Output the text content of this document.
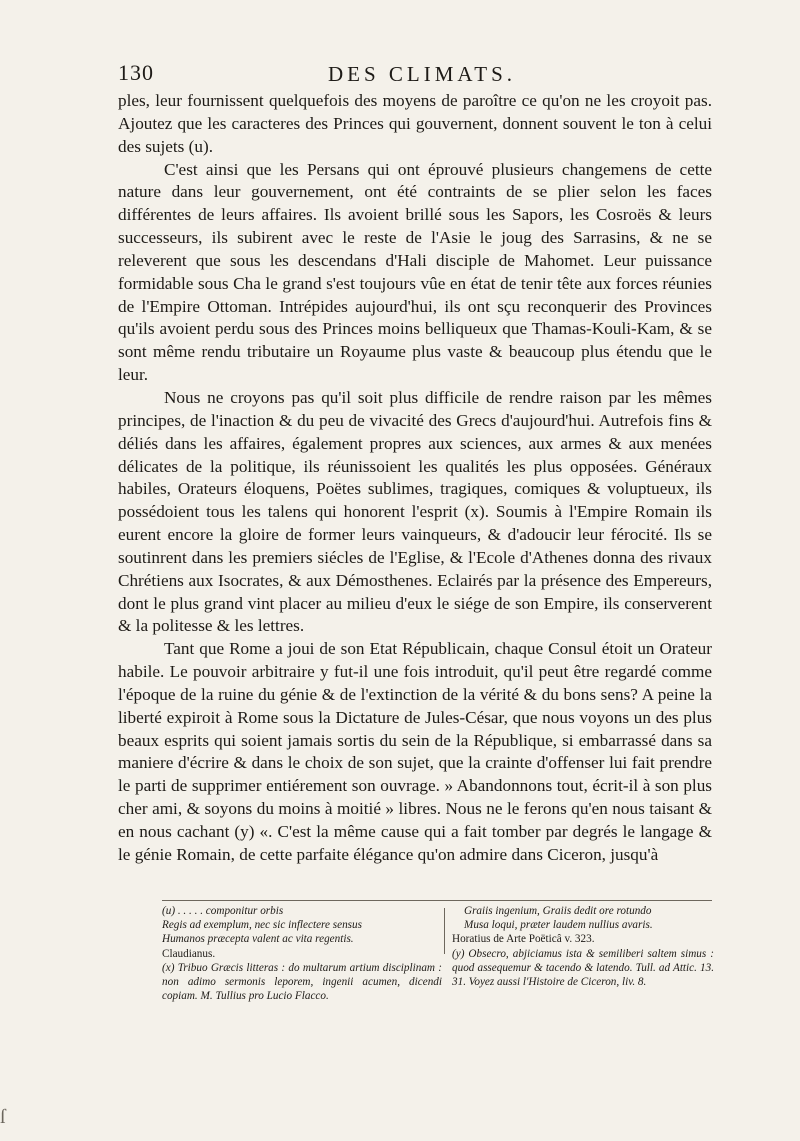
130	DES CLIMATS.

ples, leur fournissent quelquefois des moyens de paroître ce qu'on ne les croyoit pas. Ajoutez que les caracteres des Princes qui gouvernent, donnent souvent le ton à celui des sujets (u).

C'est ainsi que les Persans qui ont éprouvé plusieurs changemens de cette nature dans leur gouvernement, ont été contraints de se plier selon les faces différentes de leurs affaires. Ils avoient brillé sous les Sapors, les Cosroës & leurs successeurs, ils subirent avec le reste de l'Asie le joug des Sarrasins, & ne se releverent que sous les descendans d'Hali disciple de Mahomet. Leur puissance formidable sous Cha le grand s'est toujours vûe en état de tenir tête aux forces réunies de l'Empire Ottoman. Intrépides aujourd'hui, ils ont sçu reconquerir des Provinces qu'ils avoient perdu sous des Princes moins belliqueux que Thamas-Kouli-Kam, & se sont même rendu tributaire un Royaume plus vaste & beaucoup plus étendu que le leur.

Nous ne croyons pas qu'il soit plus difficile de rendre raison par les mêmes principes, de l'inaction & du peu de vivacité des Grecs d'aujourd'hui. Autrefois fins & déliés dans les affaires, également propres aux sciences, aux armes & aux menées délicates de la politique, ils réunissoient les qualités les plus opposées. Généraux habiles, Orateurs éloquens, Poëtes sublimes, tragiques, comiques & voluptueux, ils possédoient tous les talens qui honorent l'esprit (x). Soumis à l'Empire Romain ils eurent encore la gloire de former leurs vainqueurs, & d'adoucir leur férocité. Ils se soutinrent dans les premiers siécles de l'Eglise, & l'Ecole d'Athenes donna des rivaux Chrétiens aux Isocrates, & aux Démosthenes. Eclairés par la présence des Empereurs, dont le plus grand vint placer au milieu d'eux le siége de son Empire, ils conserverent & la politesse & les lettres.

Tant que Rome a joui de son Etat Républicain, chaque Consul étoit un Orateur habile. Le pouvoir arbitraire y fut-il une fois introduit, qu'il peut être regardé comme l'époque de la ruine du génie & de l'extinction de la vérité & du bons sens? A peine la liberté expiroit à Rome sous la Dictature de Jules-César, que nous voyons un des plus beaux esprits qui soient jamais sortis du sein de la République, si embarrassé dans sa maniere d'écrire & dans le choix de son sujet, que la crainte d'offenser lui fait prendre le parti de supprimer entiérement son ouvrage. » Abandonnons tout, écrit-il à son plus cher ami, & soyons du moins à moitié » libres. Nous ne le ferons qu'en nous taisant & en nous cachant (y) «. C'est la même cause qui a fait tomber par degrés le langage & le génie Romain, de cette parfaite élégance qu'on admire dans Ciceron, jusqu'à

(u) . . . . . componitur orbis
Regis ad exemplum, nec sic inflectere sensus
Humanos præcepta valent ac vita regentis.
Claudianus.
(x) Tribuo Græcis litteras : do multarum artium disciplinam : non adimo sermonis leporem, ingenii acumen, dicendi copiam. M. Tullius pro Lucio Flacco.
Graiis ingenium, Graiis dedit ore rotundo
Musa loqui, præter laudem nullius avaris.
Horatius de Arte Poëticâ v. 323.
(y) Obsecro, abjiciamus ista & semiliberi saltem simus : quod assequemur & tacendo & latendo. Tull. ad Attic. 13. 31. Voyez aussi l'Histoire de Ciceron, liv. 8.
ſ
